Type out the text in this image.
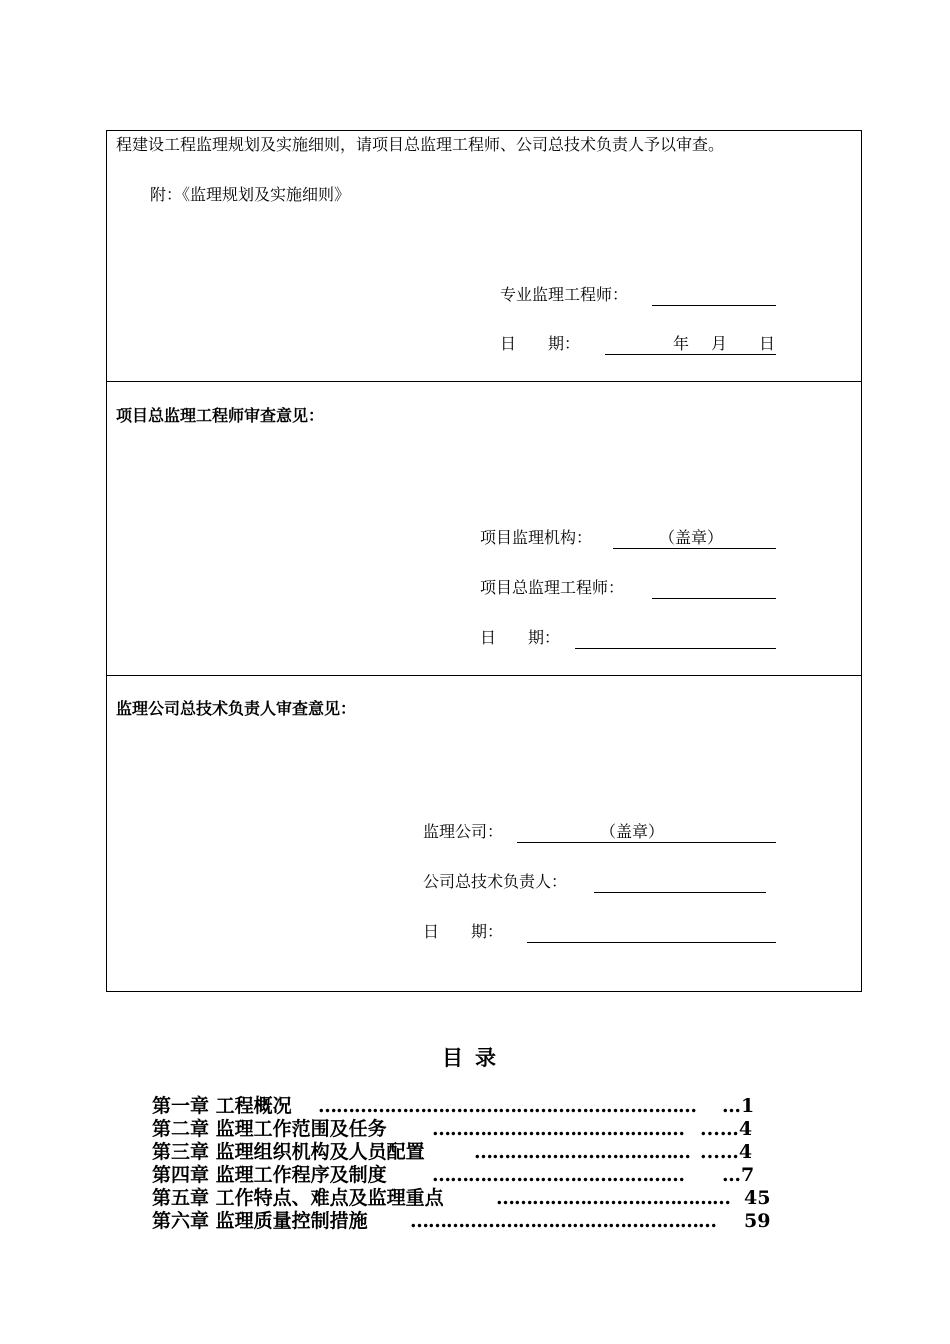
程建设工程监理规划及实施细则，请项目总监理工程师、公司总技术负责人予以审查。
附：《监理规划及实施细则》
专业监理工程师：
日　　期：	年 月 日
项目总监理工程师审查意见：
项目监理机构：	（盖章）
项目总监理工程师：
日　　期：
监理公司总技术负责人审查意见：
监理公司：	（盖章）
公司总技术负责人：
日　　期：
目录
第一章 工程概况 ………………………………………………………	…1
第二章 监理工作范围及任务 …………………………………… ...…4
第三章 监理组织机构及人员配置	……………………………… ...…4
第四章 监理工作程序及制度 ……………………………………	…7
第五章 工作特点、难点及监理重点	………………………………… 45
第六章 监理质量控制措施 ……………………………………………	59
